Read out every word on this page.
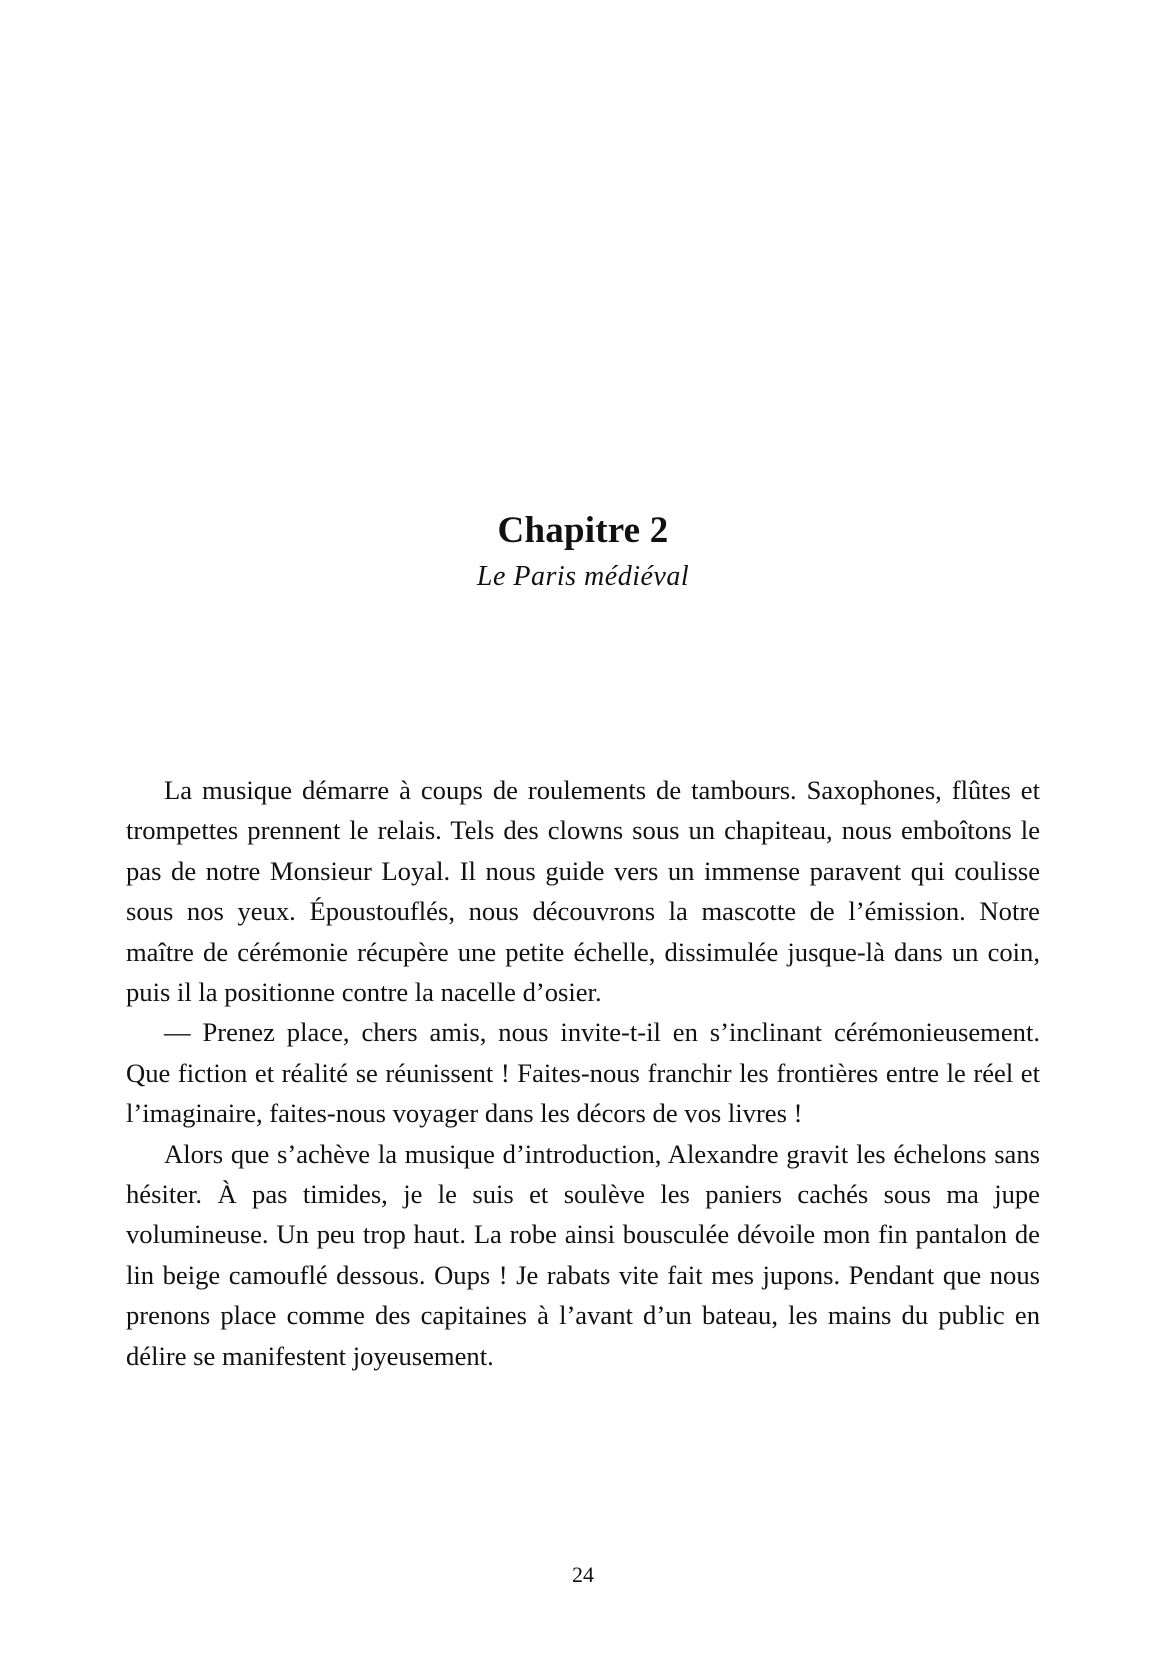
Chapitre 2
Le Paris médiéval

La musique démarre à coups de roulements de tambours. Saxophones, flûtes et trompettes prennent le relais. Tels des clowns sous un chapiteau, nous emboîtons le pas de notre Monsieur Loyal. Il nous guide vers un immense paravent qui coulisse sous nos yeux. Époustouflés, nous découvrons la mascotte de l’émission. Notre maître de cérémonie récupère une petite échelle, dissimulée jusque-là dans un coin, puis il la positionne contre la nacelle d’osier.

— Prenez place, chers amis, nous invite-t-il en s’inclinant cérémonieusement. Que fiction et réalité se réunissent ! Faites-nous franchir les frontières entre le réel et l’imaginaire, faites-nous voyager dans les décors de vos livres !

Alors que s’achève la musique d’introduction, Alexandre gravit les échelons sans hésiter. À pas timides, je le suis et soulève les paniers cachés sous ma jupe volumineuse. Un peu trop haut. La robe ainsi bousculée dévoile mon fin pantalon de lin beige camouflé dessous. Oups ! Je rabats vite fait mes jupons. Pendant que nous prenons place comme des capitaines à l’avant d’un bateau, les mains du public en délire se manifestent joyeusement.

24
